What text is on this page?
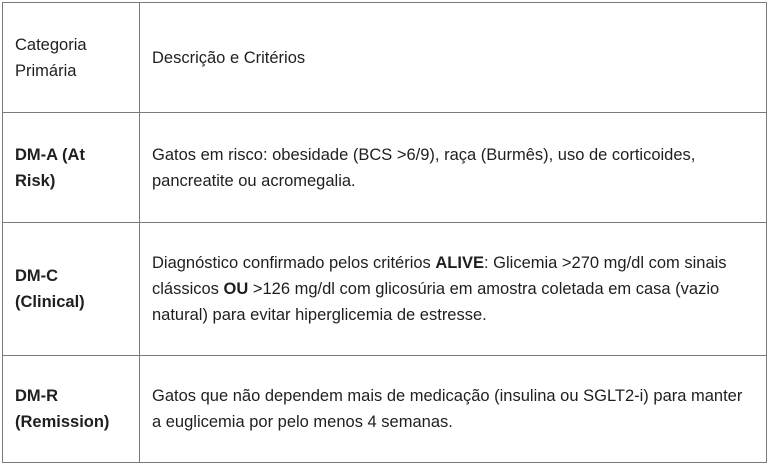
Categoria Primária	Descrição e Critérios
DM-A (At Risk)	Gatos em risco: obesidade (BCS >6/9), raça (Burmês), uso de corticoides, pancreatite ou acromegalia.
DM-C (Clinical)	Diagnóstico confirmado pelos critérios ALIVE: Glicemia >270 mg/dl com sinais clássicos OU >126 mg/dl com glicosúria em amostra coletada em casa (vazio natural) para evitar hiperglicemia de estresse.
DM-R (Remission)	Gatos que não dependem mais de medicação (insulina ou SGLT2-i) para manter a euglicemia por pelo menos 4 semanas.
